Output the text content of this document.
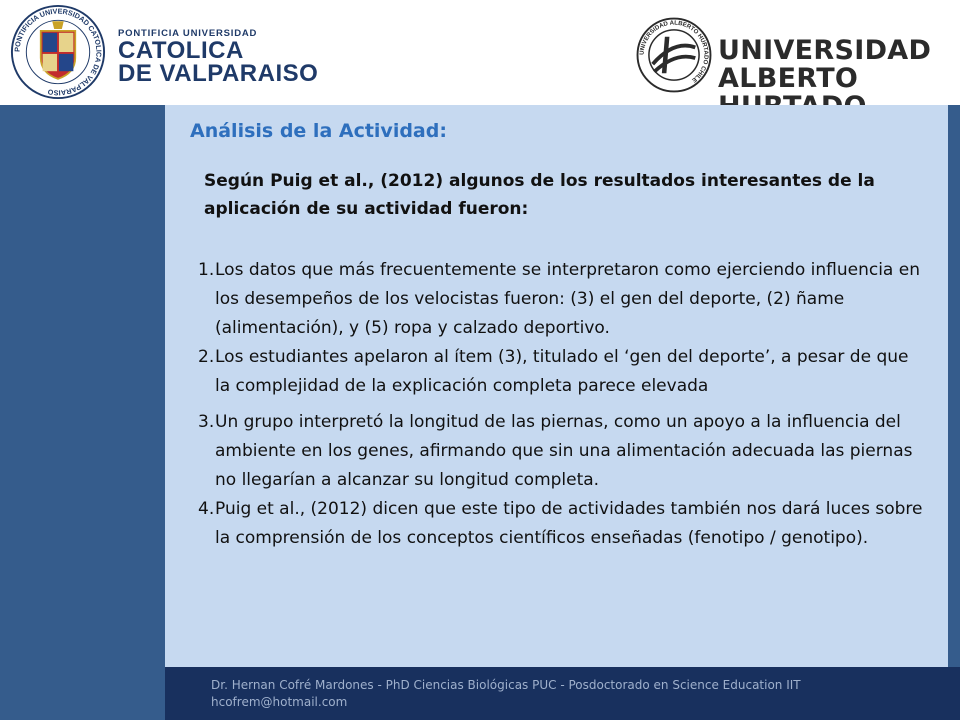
PONTIFICIA UNIVERSIDAD CATOLICA DE VALPARAISO
PONTIFICIA UNIVERSIDAD
CATOLICA
DE VALPARAISO
UNIVERSIDAD ALBERTO HURTADO CHILE
UNIVERSIDAD
ALBERTO
Análisis de la Actividad:
Según Puig et al., (2012) algunos de los resultados interesantes de la aplicación de su actividad fueron:
1. Los datos que más frecuentemente se interpretaron como ejerciendo influencia en los desempeños de los velocistas fueron: (3) el gen del deporte, (2) ñame (alimentación), y (5) ropa y calzado deportivo.
2. Los estudiantes apelaron al ítem (3), titulado el ‘gen del deporte’, a pesar de que la complejidad de la explicación completa parece elevada
3. Un grupo interpretó la longitud de las piernas, como un apoyo a la influencia del ambiente en los genes, afirmando que sin una alimentación adecuada las piernas no llegarían a alcanzar su longitud completa.
4. Puig et al., (2012) dicen que este tipo de actividades también nos dará luces sobre la comprensión de los conceptos científicos enseñadas (fenotipo / genotipo).
Dr. Hernan Cofré Mardones - PhD Ciencias Biológicas PUC - Posdoctorado en Science Education IIT
hcofrem@hotmail.com
